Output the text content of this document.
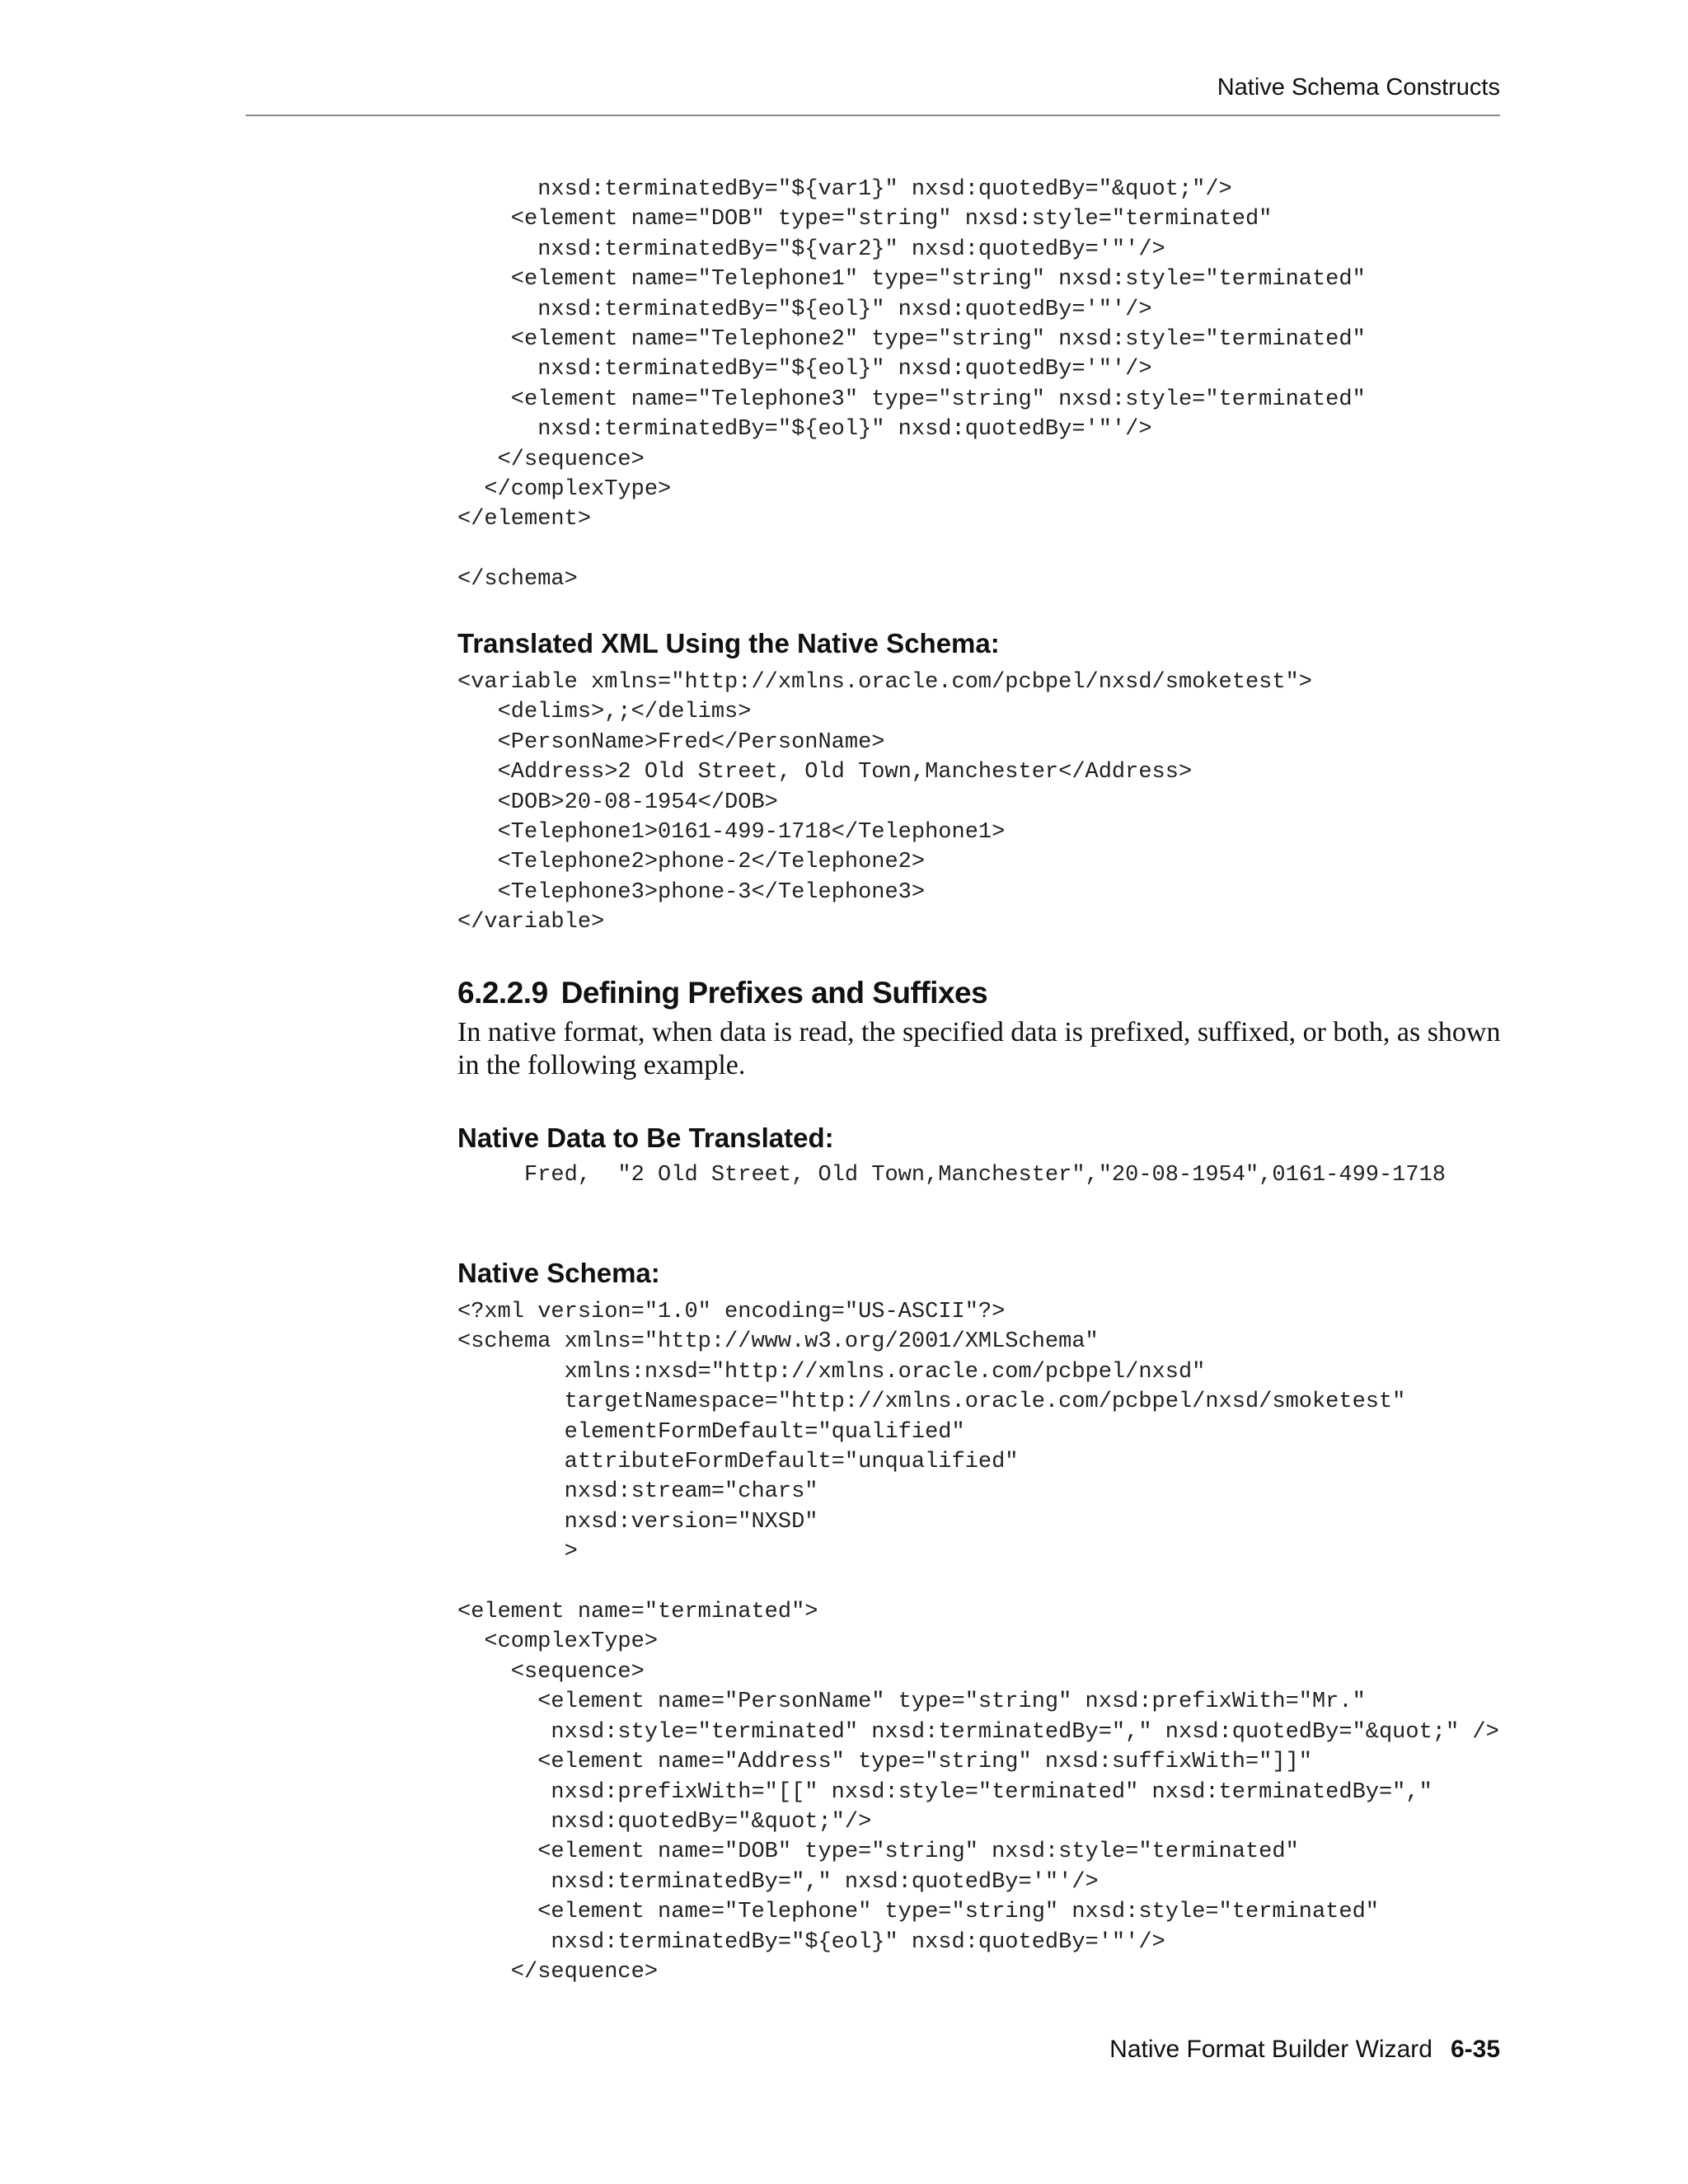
Native Schema Constructs
nxsd:terminatedBy="${var1}" nxsd:quotedBy="&quot;"/>
<element name="DOB" type="string" nxsd:style="terminated"
nxsd:terminatedBy="${var2}" nxsd:quotedBy='"'/>
<element name="Telephone1" type="string" nxsd:style="terminated"
nxsd:terminatedBy="${eol}" nxsd:quotedBy='"'/>
<element name="Telephone2" type="string" nxsd:style="terminated"
nxsd:terminatedBy="${eol}" nxsd:quotedBy='"'/>
<element name="Telephone3" type="string" nxsd:style="terminated"
nxsd:terminatedBy="${eol}" nxsd:quotedBy='"'/>
</sequence>
</complexType>
</element>

</schema>
Translated XML Using the Native Schema:
<variable xmlns="http://xmlns.oracle.com/pcbpel/nxsd/smoketest">
<delims>,;</delims>
<PersonName>Fred</PersonName>
<Address>2 Old Street, Old Town,Manchester</Address>
<DOB>20-08-1954</DOB>
<Telephone1>0161-499-1718</Telephone1>
<Telephone2>phone-2</Telephone2>
<Telephone3>phone-3</Telephone3>
</variable>
6.2.2.9 Defining Prefixes and Suffixes
In native format, when data is read, the specified data is prefixed, suffixed, or both, as shown in the following example.
Native Data to Be Translated:
Fred,  "2 Old Street, Old Town,Manchester","20-08-1954",0161-499-1718
Native Schema:
<?xml version="1.0" encoding="US-ASCII"?>
<schema xmlns="http://www.w3.org/2001/XMLSchema"
xmlns:nxsd="http://xmlns.oracle.com/pcbpel/nxsd"
targetNamespace="http://xmlns.oracle.com/pcbpel/nxsd/smoketest"
elementFormDefault="qualified"
attributeFormDefault="unqualified"
nxsd:stream="chars"
nxsd:version="NXSD"
>

<element name="terminated">
<complexType>
<sequence>
<element name="PersonName" type="string" nxsd:prefixWith="Mr."
nxsd:style="terminated" nxsd:terminatedBy="," nxsd:quotedBy="&quot;" />
<element name="Address" type="string" nxsd:suffixWith="]]"
nxsd:prefixWith="[[" nxsd:style="terminated" nxsd:terminatedBy=","
nxsd:quotedBy="&quot;"/>
<element name="DOB" type="string" nxsd:style="terminated"
nxsd:terminatedBy="," nxsd:quotedBy='"'/>
<element name="Telephone" type="string" nxsd:style="terminated"
nxsd:terminatedBy="${eol}" nxsd:quotedBy='"'/>
</sequence>
Native Format Builder Wizard 6-35
